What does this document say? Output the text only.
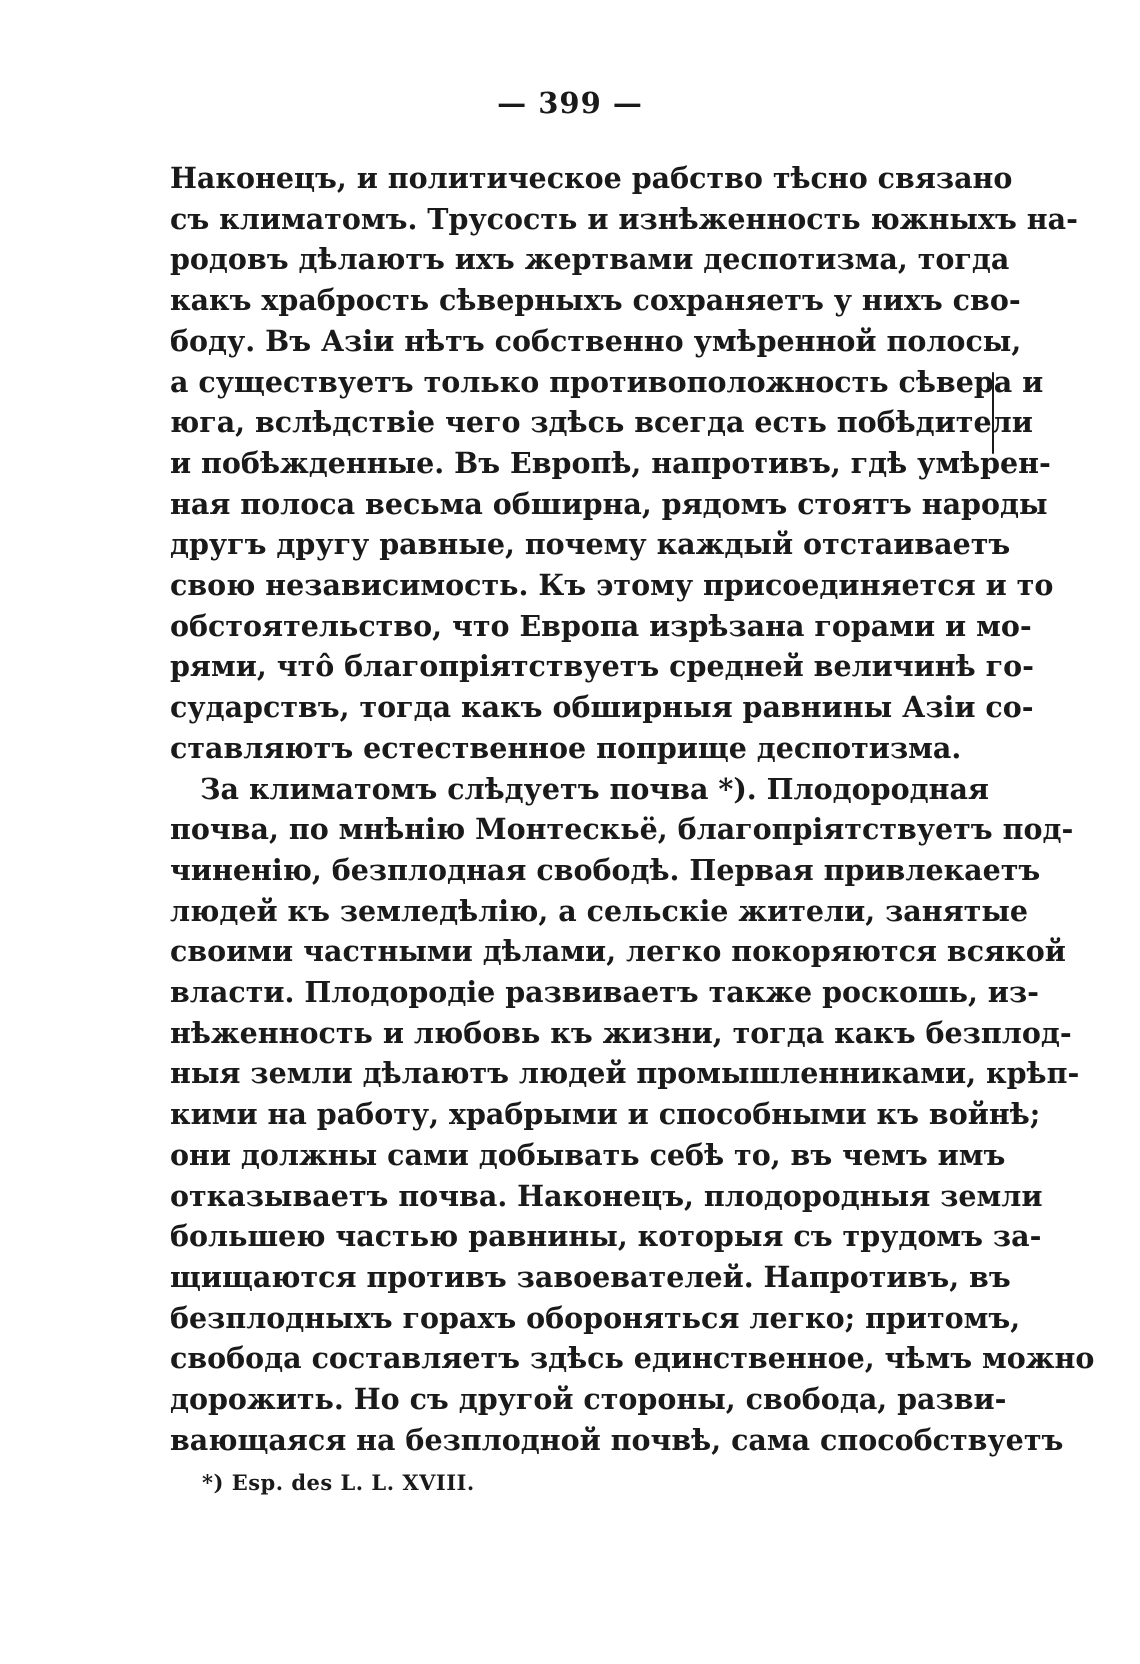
— 399 —
Наконецъ, и политическое рабство тѣсно связано
съ климатомъ. Трусость и изнѣженность южныхъ на-
родовъ дѣлаютъ ихъ жертвами деспотизма, тогда
какъ храбрость сѣверныхъ сохраняетъ у нихъ сво-
боду. Въ Азіи нѣтъ собственно умѣренной полосы,
а существуетъ только противоположность сѣвера и
юга, вслѣдствіе чего здѣсь всегда есть побѣдители
и побѣжденные. Въ Европѣ, напротивъ, гдѣ умѣрен-
ная полоса весьма обширна, рядомъ стоятъ народы
другъ другу равные, почему каждый отстаиваетъ
свою независимость. Къ этому присоединяется и то
обстоятельство, что Европа изрѣзана горами и мо-
рями, что̂ благопріятствуетъ средней величинѣ го-
сударствъ, тогда какъ обширныя равнины Азіи со-
ставляютъ естественное поприще деспотизма.
За климатомъ слѣдуетъ почва *). Плодородная
почва, по мнѣнію Монтескьё, благопріятствуетъ под-
чиненію, безплодная свободѣ. Первая привлекаетъ
людей къ земледѣлію, а сельскіе жители, занятые
своими частными дѣлами, легко покоряются всякой
власти. Плодородіе развиваетъ также роскошь, из-
нѣженность и любовь къ жизни, тогда какъ безплод-
ныя земли дѣлаютъ людей промышленниками, крѣп-
кими на работу, храбрыми и способными къ войнѣ;
они должны сами добывать себѣ то, въ чемъ имъ
отказываетъ почва. Наконецъ, плодородныя земли
большею частью равнины, которыя съ трудомъ за-
щищаются противъ завоевателей. Напротивъ, въ
безплодныхъ горахъ обороняться легко; притомъ,
свобода составляетъ здѣсь единственное, чѣмъ можно
дорожить. Но съ другой стороны, свобода, разви-
вающаяся на безплодной почвѣ, сама способствуетъ
*) Esp. des L. L. XVIII.
